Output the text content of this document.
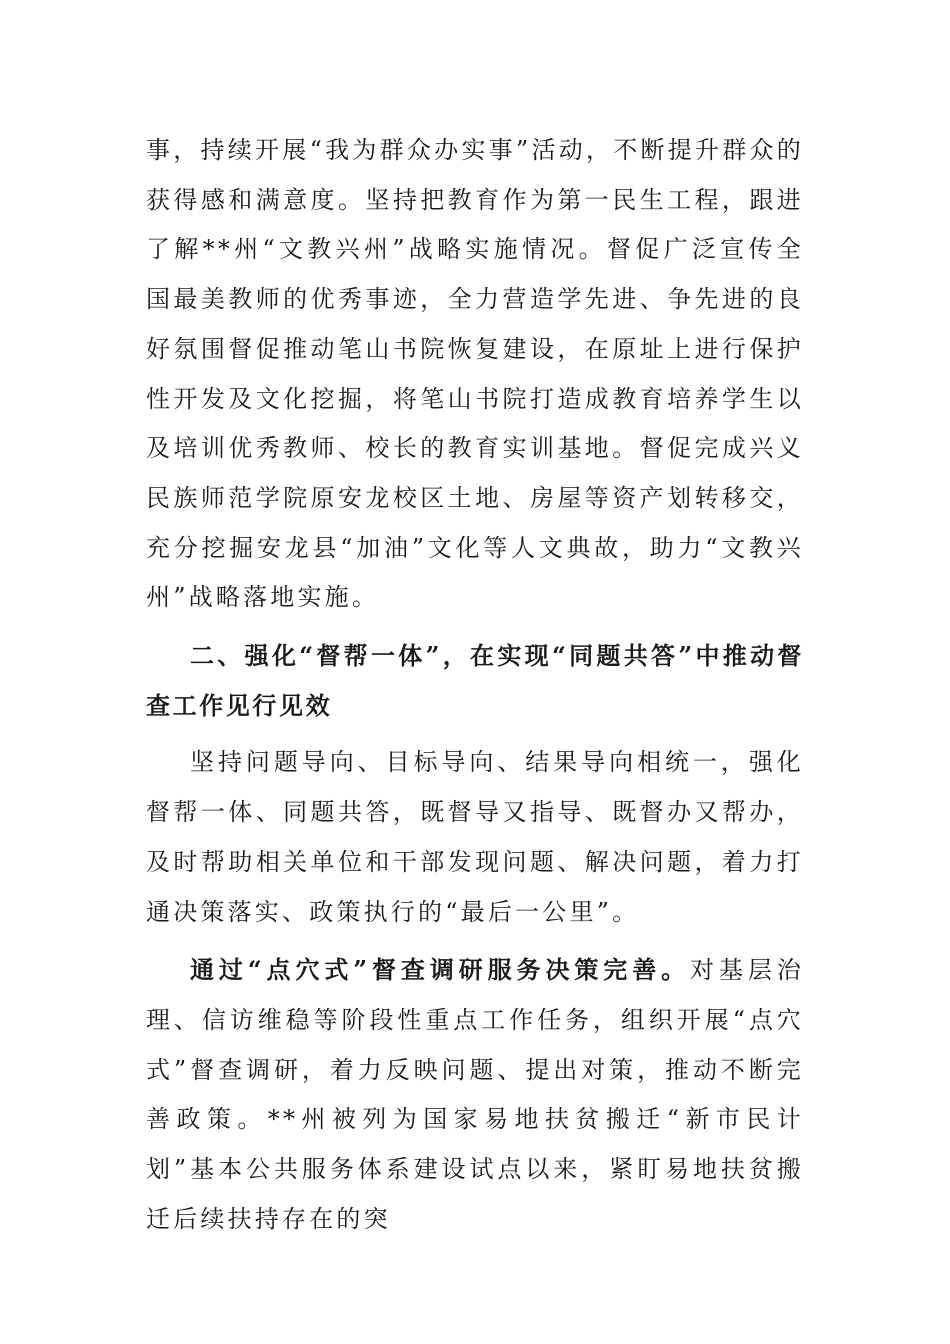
事，持续开展“我为群众办实事”活动，不断提升群众的获得感和满意度。坚持把教育作为第一民生工程，跟进了解**州“文教兴州”战略实施情况。督促广泛宣传全国最美教师的优秀事迹，全力营造学先进、争先进的良好氛围督促推动笔山书院恢复建设，在原址上进行保护性开发及文化挖掘，将笔山书院打造成教育培养学生以及培训优秀教师、校长的教育实训基地。督促完成兴义民族师范学院原安龙校区土地、房屋等资产划转移交，充分挖掘安龙县“加油”文化等人文典故，助力“文教兴州”战略落地实施。

二、强化“督帮一体”，在实现“同题共答”中推动督查工作见行见效

坚持问题导向、目标导向、结果导向相统一，强化督帮一体、同题共答，既督导又指导、既督办又帮办，及时帮助相关单位和干部发现问题、解决问题，着力打通决策落实、政策执行的“最后一公里”。

通过“点穴式”督查调研服务决策完善。对基层治理、信访维稳等阶段性重点工作任务，组织开展“点穴式”督查调研，着力反映问题、提出对策，推动不断完善政策。**州被列为国家易地扶贫搬迁“新市民计划”基本公共服务体系建设试点以来，紧盯易地扶贫搬迁后续扶持存在的突
